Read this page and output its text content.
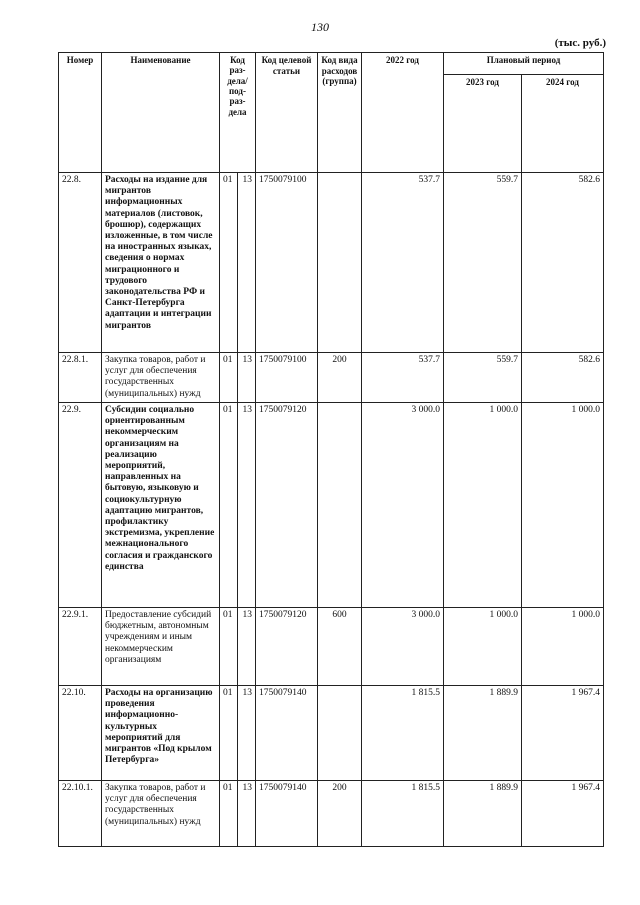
130
(тыс. руб.)
Номер	Наименование	Код раз-дела/ под-раз-дела		Код целевой статьи	Код вида расходов (группа)	2022 год	Плановый период	
							2023 год	2024 год
22.8.	Расходы на издание для мигрантов информационных материалов (листовок, брошюр), содержащих изложенные, в том числе на иностранных языках, сведения о нормах миграционного и трудового законодательства РФ и Санкт-Петербурга адаптации и интеграции мигрантов	01	13	1750079100		537.7	559.7	582.6
22.8.1.	Закупка товаров, работ и услуг для обеспечения государственных (муниципальных) нужд	01	13	1750079100	200	537.7	559.7	582.6
22.9.	Субсидии социально ориентированным некоммерческим организациям на реализацию мероприятий, направленных на бытовую, языковую и социокультурную адаптацию мигрантов, профилактику экстремизма, укрепление межнационального согласия и гражданского единства	01	13	1750079120		3 000.0	1 000.0	1 000.0
22.9.1.	Предоставление субсидий бюджетным, автономным учреждениям и иным некоммерческим организациям	01	13	1750079120	600	3 000.0	1 000.0	1 000.0
22.10.	Расходы на организацию проведения информационно-культурных мероприятий для мигрантов «Под крылом Петербурга»	01	13	1750079140		1 815.5	1 889.9	1 967.4
22.10.1.	Закупка товаров, работ и услуг для обеспечения государственных (муниципальных) нужд	01	13	1750079140	200	1 815.5	1 889.9	1 967.4
